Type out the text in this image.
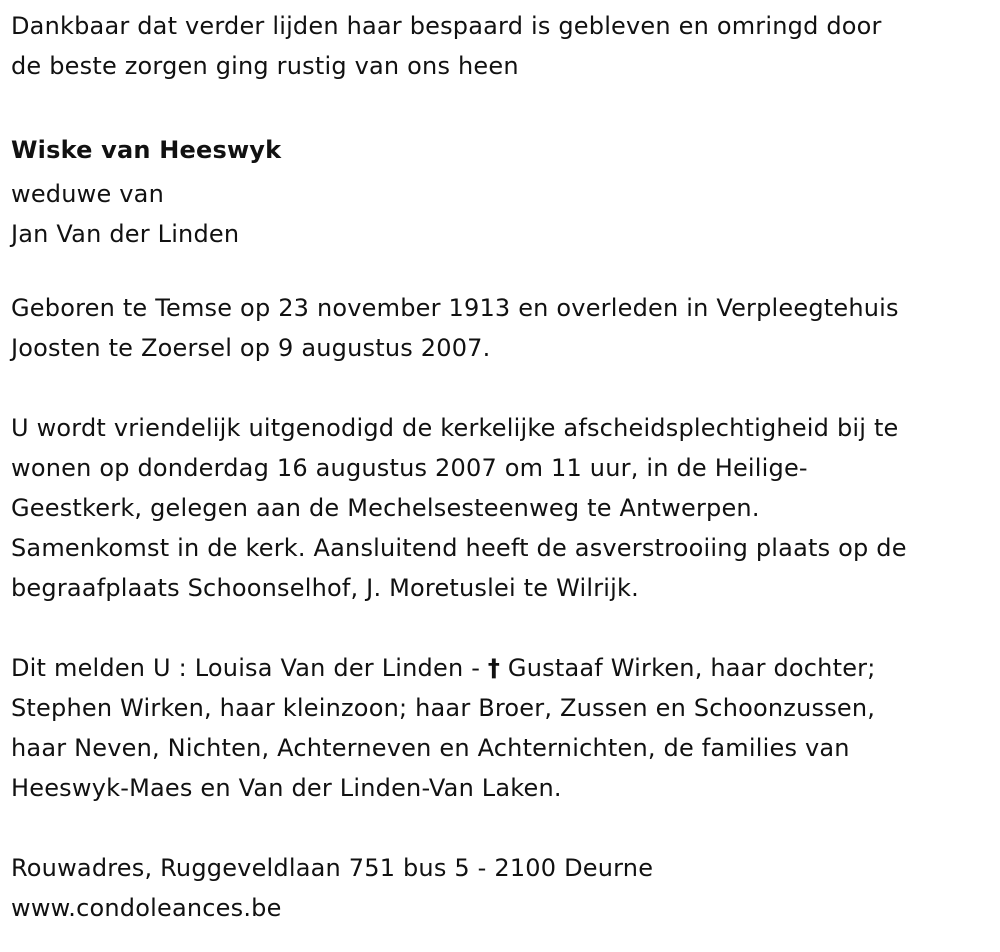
Dankbaar dat verder lijden haar bespaard is gebleven en omringd door
de beste zorgen ging rustig van ons heen
Wiske van Heeswyk
weduwe van
Jan Van der Linden
Geboren te Temse op 23 november 1913 en overleden in Verpleegtehuis
Joosten te Zoersel op 9 augustus 2007.
U wordt vriendelijk uitgenodigd de kerkelijke afscheidsplechtigheid bij te
wonen op donderdag 16 augustus 2007 om 11 uur, in de Heilige-
Geestkerk, gelegen aan de Mechelsesteenweg te Antwerpen.
Samenkomst in de kerk. Aansluitend heeft de asverstrooiing plaats op de
begraafplaats Schoonselhof, J. Moretuslei te Wilrijk.
Dit melden U : Louisa Van der Linden - † Gustaaf Wirken, haar dochter;
Stephen Wirken, haar kleinzoon; haar Broer, Zussen en Schoonzussen,
haar Neven, Nichten, Achterneven en Achternichten, de families van
Heeswyk-Maes en Van der Linden-Van Laken.
Rouwadres, Ruggeveldlaan 751 bus 5 - 2100 Deurne
www.condoleances.be
